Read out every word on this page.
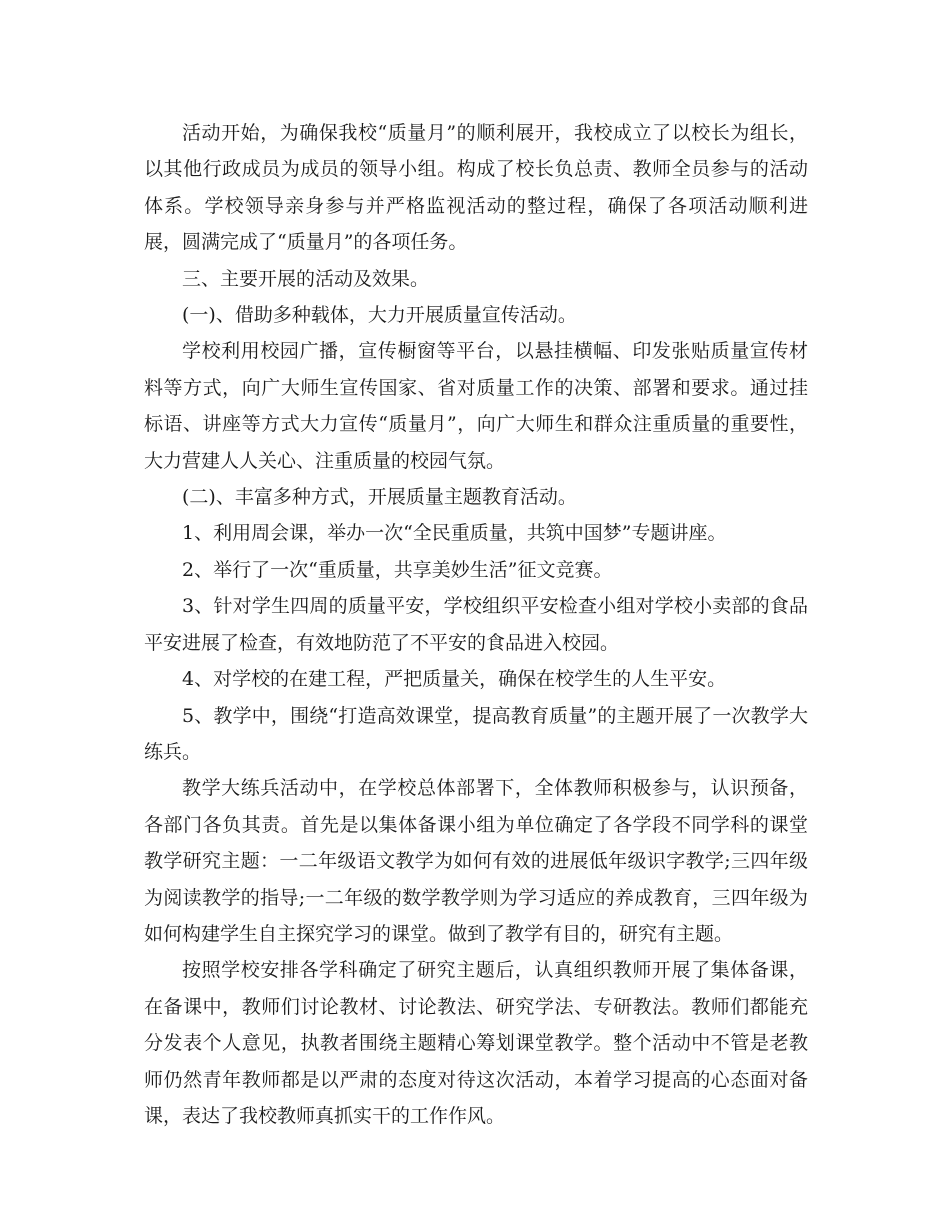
活动开始，为确保我校“质量月”的顺利展开，我校成立了以校长为组长，以其他行政成员为成员的领导小组。构成了校长负总责、教师全员参与的活动体系。学校领导亲身参与并严格监视活动的整过程，确保了各项活动顺利进展，圆满完成了“质量月”的各项任务。

三、主要开展的活动及效果。

(一)、借助多种载体，大力开展质量宣传活动。

学校利用校园广播，宣传橱窗等平台，以悬挂横幅、印发张贴质量宣传材料等方式，向广大师生宣传国家、省对质量工作的决策、部署和要求。通过挂标语、讲座等方式大力宣传“质量月”，向广大师生和群众注重质量的重要性，大力营建人人关心、注重质量的校园气氛。

(二)、丰富多种方式，开展质量主题教育活动。

1、利用周会课，举办一次“全民重质量，共筑中国梦”专题讲座。

2、举行了一次“重质量，共享美妙生活”征文竞赛。

3、针对学生四周的质量平安，学校组织平安检查小组对学校小卖部的食品平安进展了检查，有效地防范了不平安的食品进入校园。

4、对学校的在建工程，严把质量关，确保在校学生的人生平安。

5、教学中，围绕“打造高效课堂，提高教育质量”的主题开展了一次教学大练兵。

教学大练兵活动中，在学校总体部署下，全体教师积极参与，认识预备，各部门各负其责。首先是以集体备课小组为单位确定了各学段不同学科的课堂教学研究主题：一二年级语文教学为如何有效的进展低年级识字教学;三四年级为阅读教学的指导;一二年级的数学教学则为学习适应的养成教育，三四年级为如何构建学生自主探究学习的课堂。做到了教学有目的，研究有主题。

按照学校安排各学科确定了研究主题后，认真组织教师开展了集体备课，在备课中，教师们讨论教材、讨论教法、研究学法、专研教法。教师们都能充分发表个人意见，执教者围绕主题精心筹划课堂教学。整个活动中不管是老教师仍然青年教师都是以严肃的态度对待这次活动，本着学习提高的心态面对备课，表达了我校教师真抓实干的工作作风。
